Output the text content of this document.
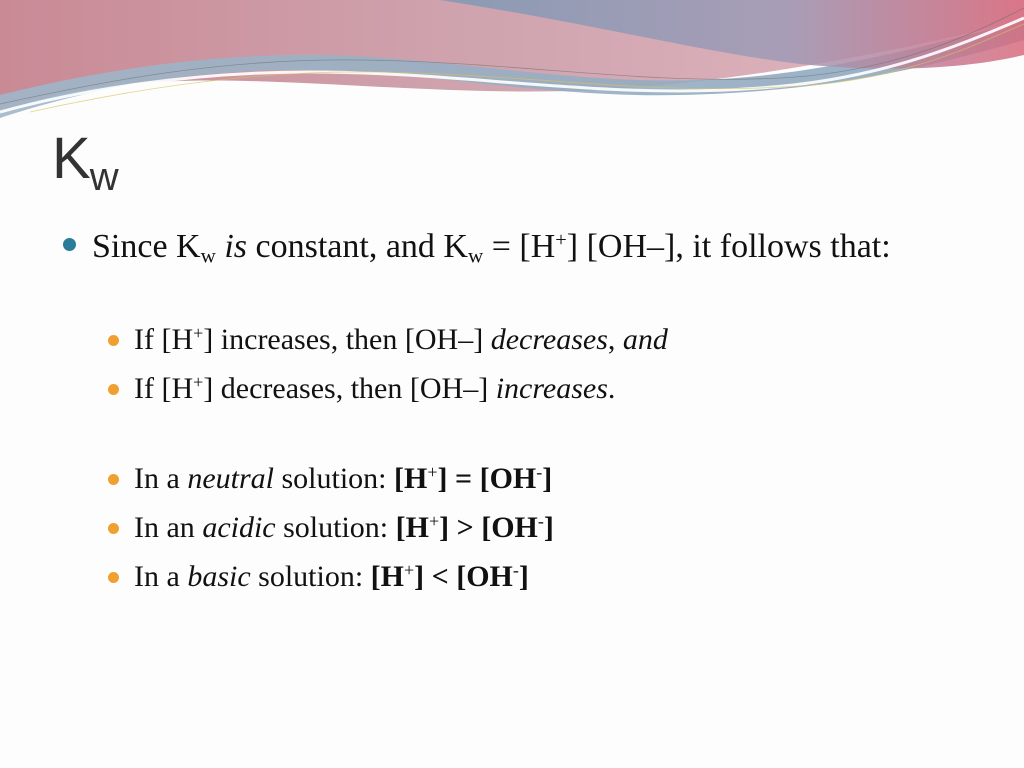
$K_w$
Since $K_w$ is constant, and $K_w = [H^+]$ [OH‒], it follows that:
If [H+] increases, then [OH‒] decreases, and
If [H+] decreases, then [OH‒] increases.
In a neutral solution: [H+] = [OH-]
In an acidic solution: [H+] > [OH-]
In a basic solution: [H+] < [OH-]
